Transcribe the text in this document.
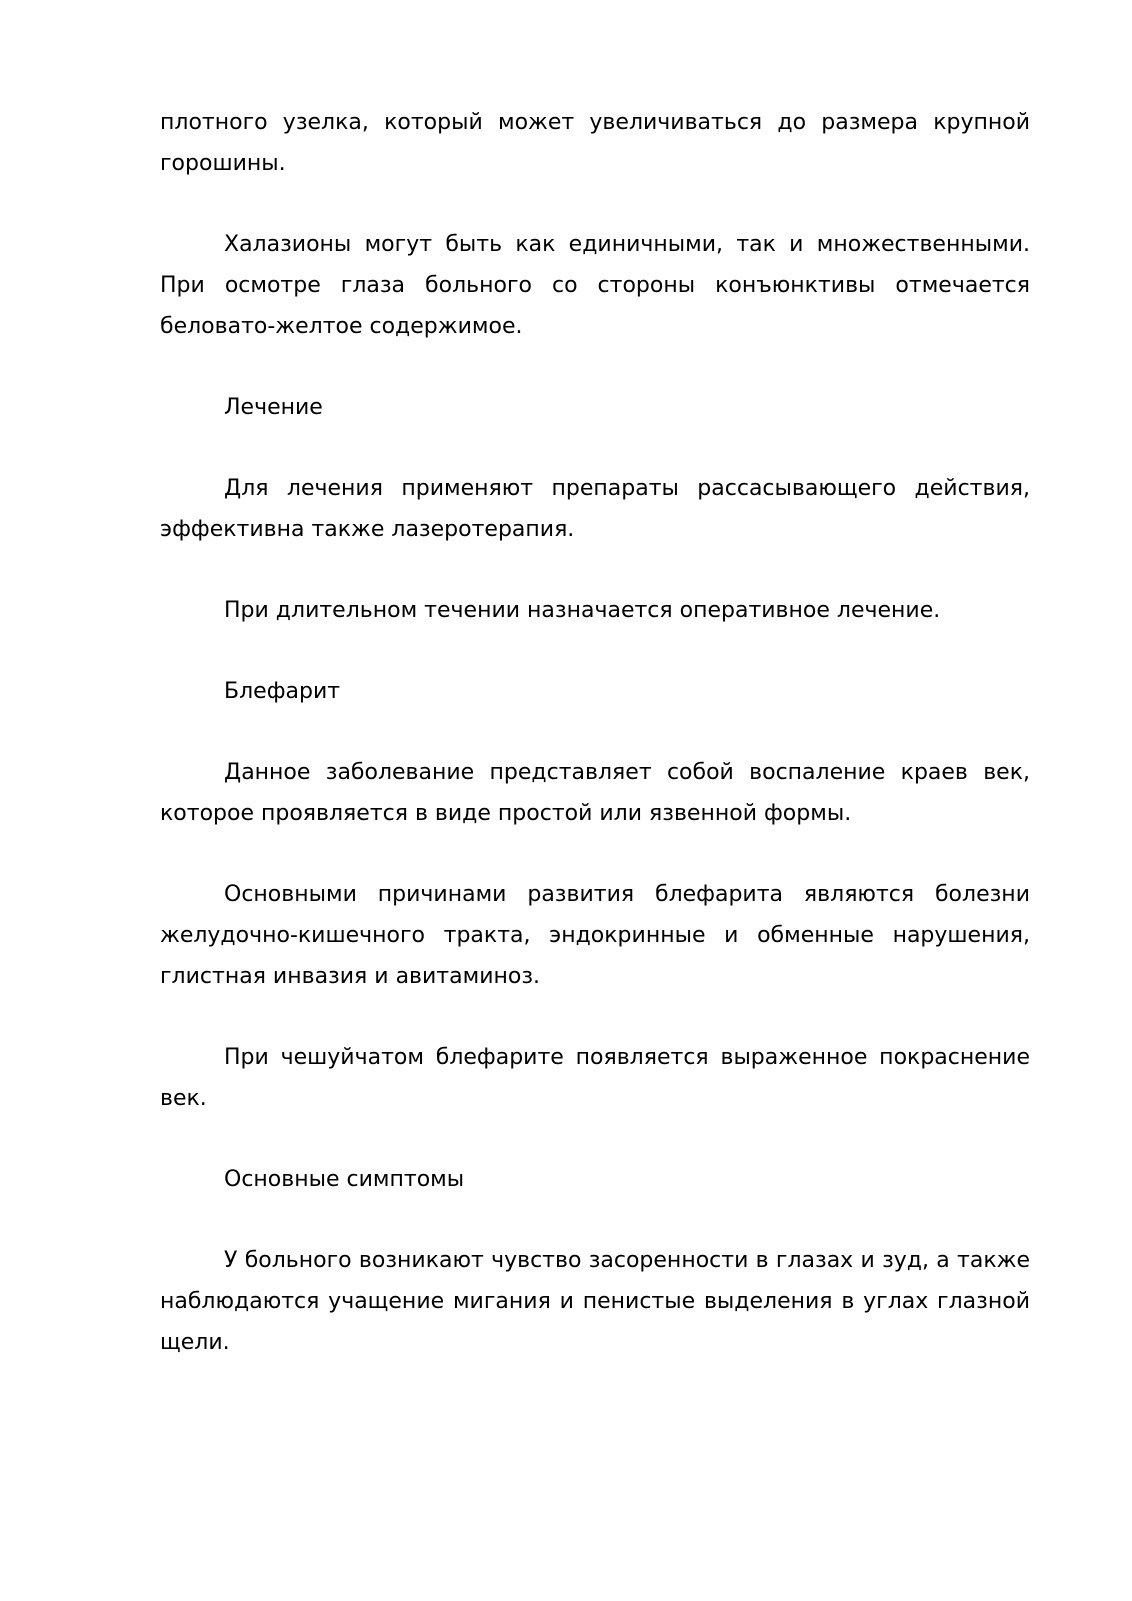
плотного узелка, который может увеличиваться до размера крупной горошины.

Халазионы могут быть как единичными, так и множественными. При осмотре глаза больного со стороны конъюнктивы отмечается беловато-желтое содержимое.

Лечение

Для лечения применяют препараты рассасывающего действия, эффективна также лазеротерапия.

При длительном течении назначается оперативное лечение.

Блефарит

Данное заболевание представляет собой воспаление краев век, которое проявляется в виде простой или язвенной формы.

Основными причинами развития блефарита являются болезни желудочно-кишечного тракта, эндокринные и обменные нарушения, глистная инвазия и авитаминоз.

При чешуйчатом блефарите появляется выраженное покраснение век.

Основные симптомы

У больного возникают чувство засоренности в глазах и зуд, а также наблюдаются учащение мигания и пенистые выделения в углах глазной щели.
